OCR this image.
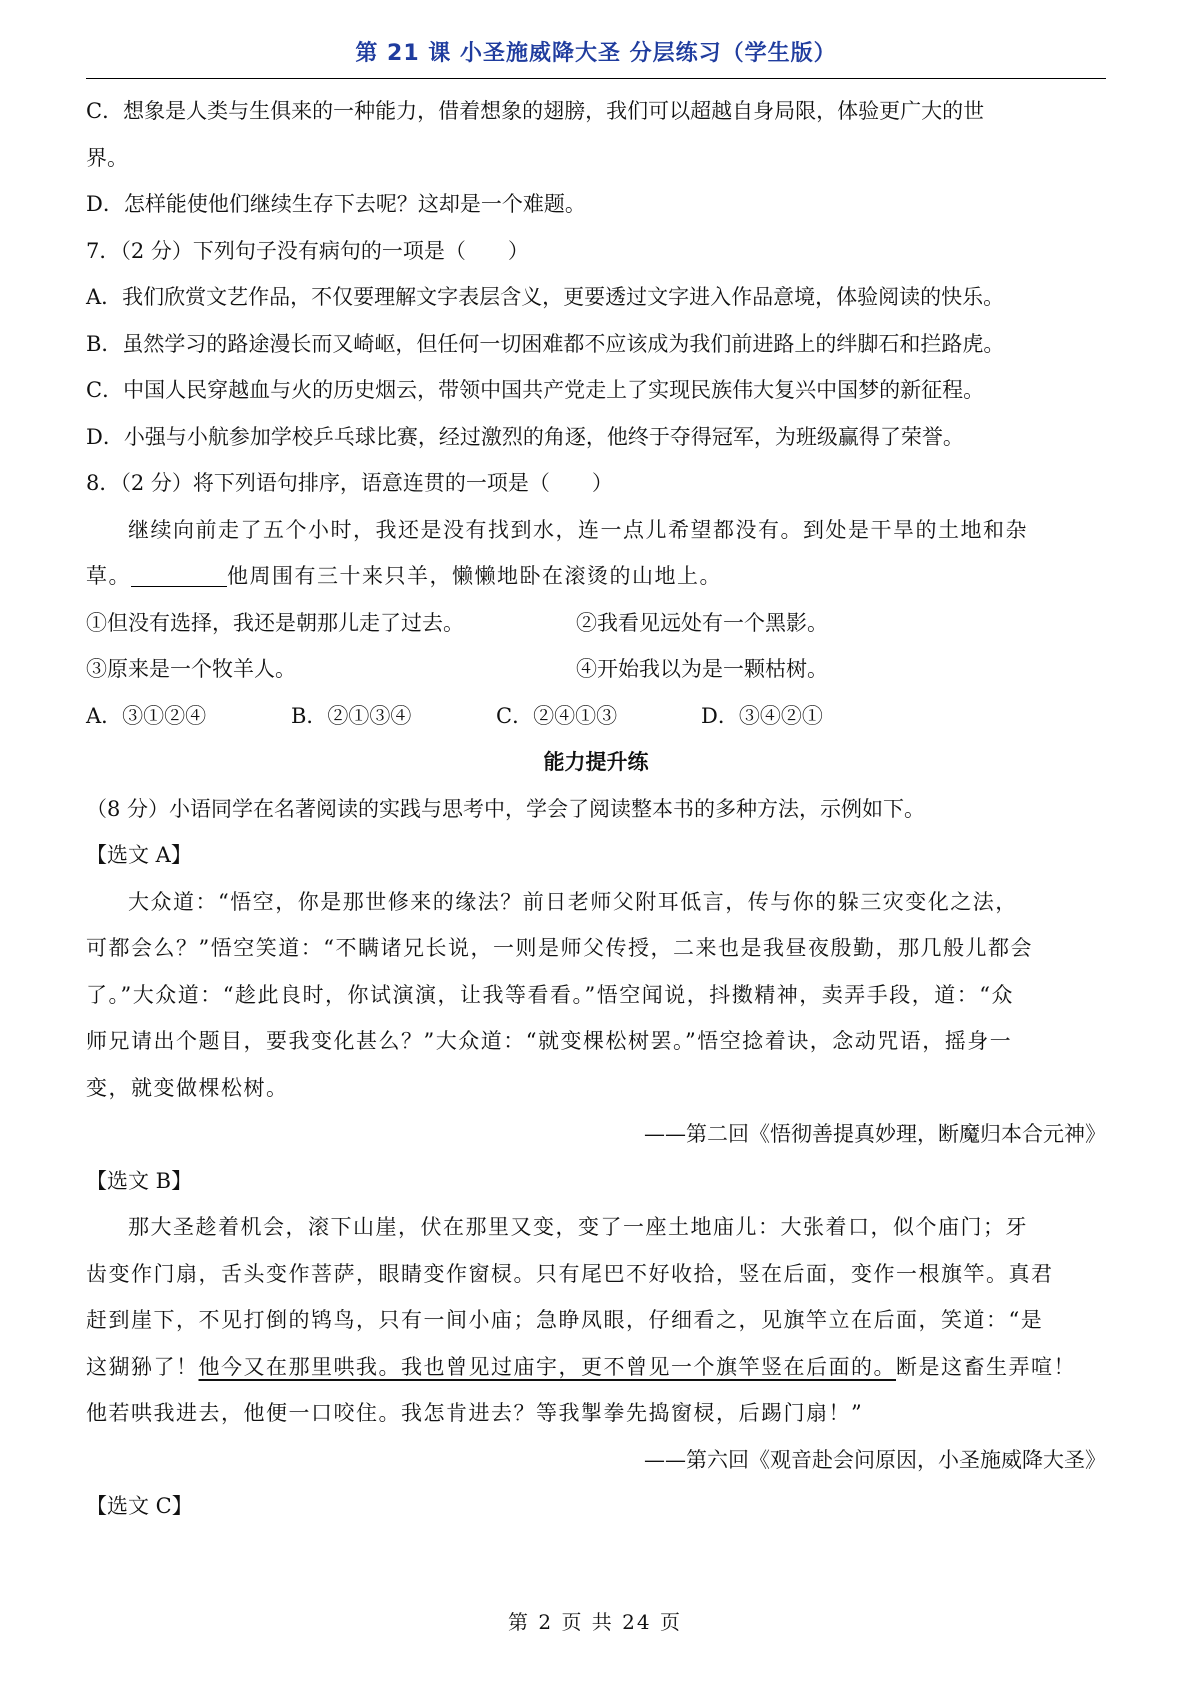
第 21 课 小圣施威降大圣 分层练习（学生版）

C．想象是人类与生俱来的一种能力，借着想象的翅膀，我们可以超越自身局限，体验更广大的世

界。

D．怎样能使他们继续生存下去呢？这却是一个难题。

7．（2 分）下列句子没有病句的一项是（　　）

A．我们欣赏文艺作品，不仅要理解文字表层含义，更要透过文字进入作品意境，体验阅读的快乐。

B．虽然学习的路途漫长而又崎岖，但任何一切困难都不应该成为我们前进路上的绊脚石和拦路虎。

C．中国人民穿越血与火的历史烟云，带领中国共产党走上了实现民族伟大复兴中国梦的新征程。

D．小强与小航参加学校乒乓球比赛，经过激烈的角逐，他终于夺得冠军，为班级赢得了荣誉。

8．（2 分）将下列语句排序，语意连贯的一项是（　　）

继续向前走了五个小时，我还是没有找到水，连一点儿希望都没有。到处是干旱的土地和杂

草。	他周围有三十来只羊，懒懒地卧在滚烫的山地上。

①但没有选择，我还是朝那儿走了过去。	②我看见远处有一个黑影。
③原来是一个牧羊人。	④开始我以为是一颗枯树。

A．③①②④	B．②①③④	C．②④①③	D．③④②①

能力提升练

（8 分）小语同学在名著阅读的实践与思考中，学会了阅读整本书的多种方法，示例如下。

【选文 A】

大众道：“悟空，你是那世修来的缘法？前日老师父附耳低言，传与你的躲三灾变化之法，

可都会么？”悟空笑道：“不瞒诸兄长说，一则是师父传授，二来也是我昼夜殷勤，那几般儿都会

了。”大众道：“趁此良时，你试演演，让我等看看。”悟空闻说，抖擞精神，卖弄手段，道：“众

师兄请出个题目，要我变化甚么？”大众道：“就变棵松树罢。”悟空捻着诀，念动咒语，摇身一

变，就变做棵松树。

——第二回《悟彻善提真妙理，断魔归本合元神》

【选文 B】

那大圣趁着机会，滚下山崖，伏在那里又变，变了一座土地庙儿：大张着口，似个庙门；牙

齿变作门扇，舌头变作菩萨，眼睛变作窗棂。只有尾巴不好收拾，竖在后面，变作一根旗竿。真君

赶到崖下，不见打倒的鸨鸟，只有一间小庙；急睁凤眼，仔细看之，见旗竿立在后面，笑道：“是

这猢狲了！他今又在那里哄我。我也曾见过庙宇，更不曾见一个旗竿竖在后面的。断是这畜生弄喧！

他若哄我进去，他便一口咬住。我怎肯进去？等我掣拳先捣窗棂，后踢门扇！”

——第六回《观音赴会问原因，小圣施威降大圣》

【选文 C】

第 2 页 共 24 页
